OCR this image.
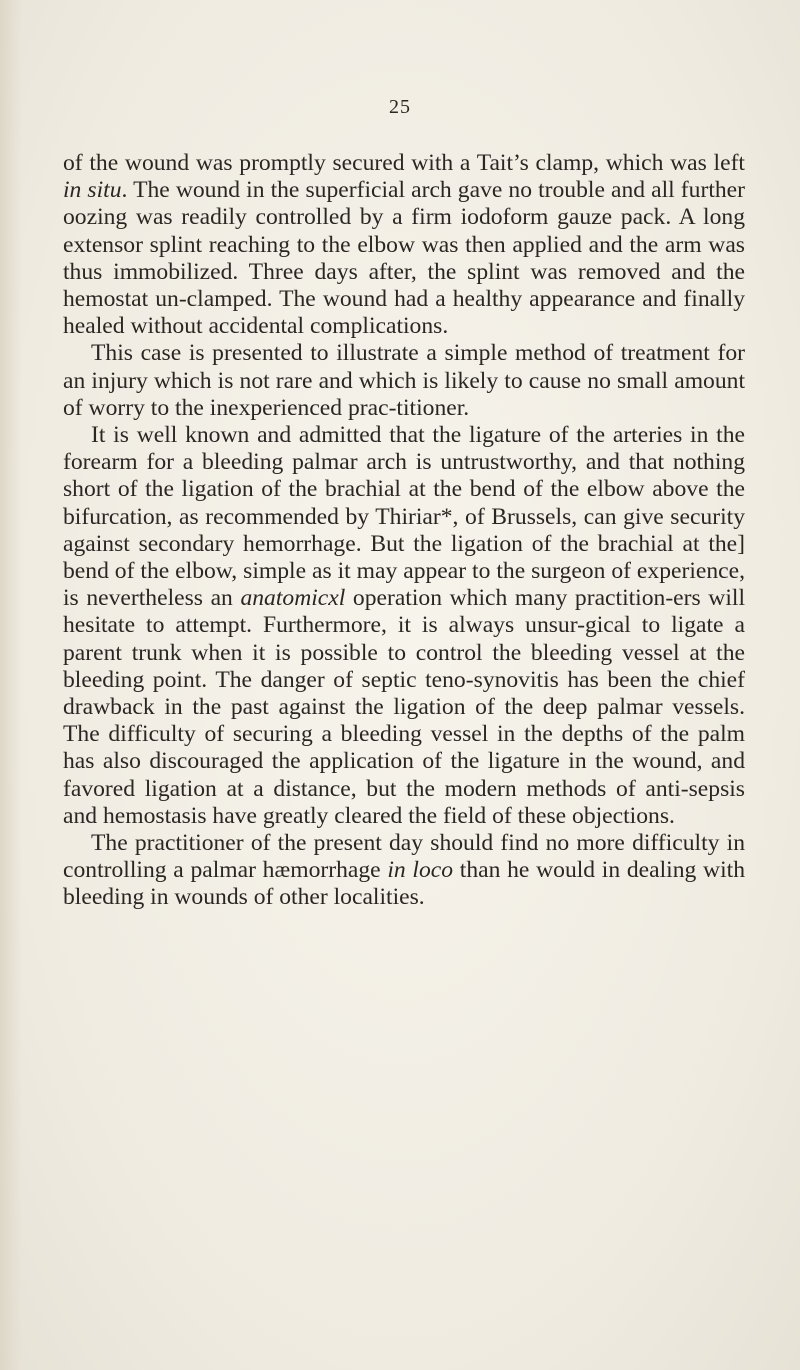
25

of the wound was promptly secured with a Tait’s clamp, which was left in situ. The wound in the superficial arch gave no trouble and all further oozing was readily controlled by a firm iodoform gauze pack. A long extensor splint reaching to the elbow was then applied and the arm was thus immobilized. Three days after, the splint was removed and the hemostat un-clamped. The wound had a healthy appearance and finally healed without accidental complications.

This case is presented to illustrate a simple method of treatment for an injury which is not rare and which is likely to cause no small amount of worry to the inexperienced prac-titioner.

It is well known and admitted that the ligature of the arteries in the forearm for a bleeding palmar arch is untrustworthy, and that nothing short of the ligation of the brachial at the bend of the elbow above the bifurcation, as recommended by Thiriar*, of Brussels, can give security against secondary hemorrhage. But the ligation of the brachial at the] bend of the elbow, simple as it may appear to the surgeon of experience, is nevertheless an anatomicxl operation which many practition-ers will hesitate to attempt. Furthermore, it is always unsur-gical to ligate a parent trunk when it is possible to control the bleeding vessel at the bleeding point. The danger of septic teno-synovitis has been the chief drawback in the past against the ligation of the deep palmar vessels. The difficulty of securing a bleeding vessel in the depths of the palm has also discouraged the application of the ligature in the wound, and favored ligation at a distance, but the modern methods of anti-sepsis and hemostasis have greatly cleared the field of these objections.

The practitioner of the present day should find no more difficulty in controlling a palmar hæmorrhage in loco than he would in dealing with bleeding in wounds of other localities.
